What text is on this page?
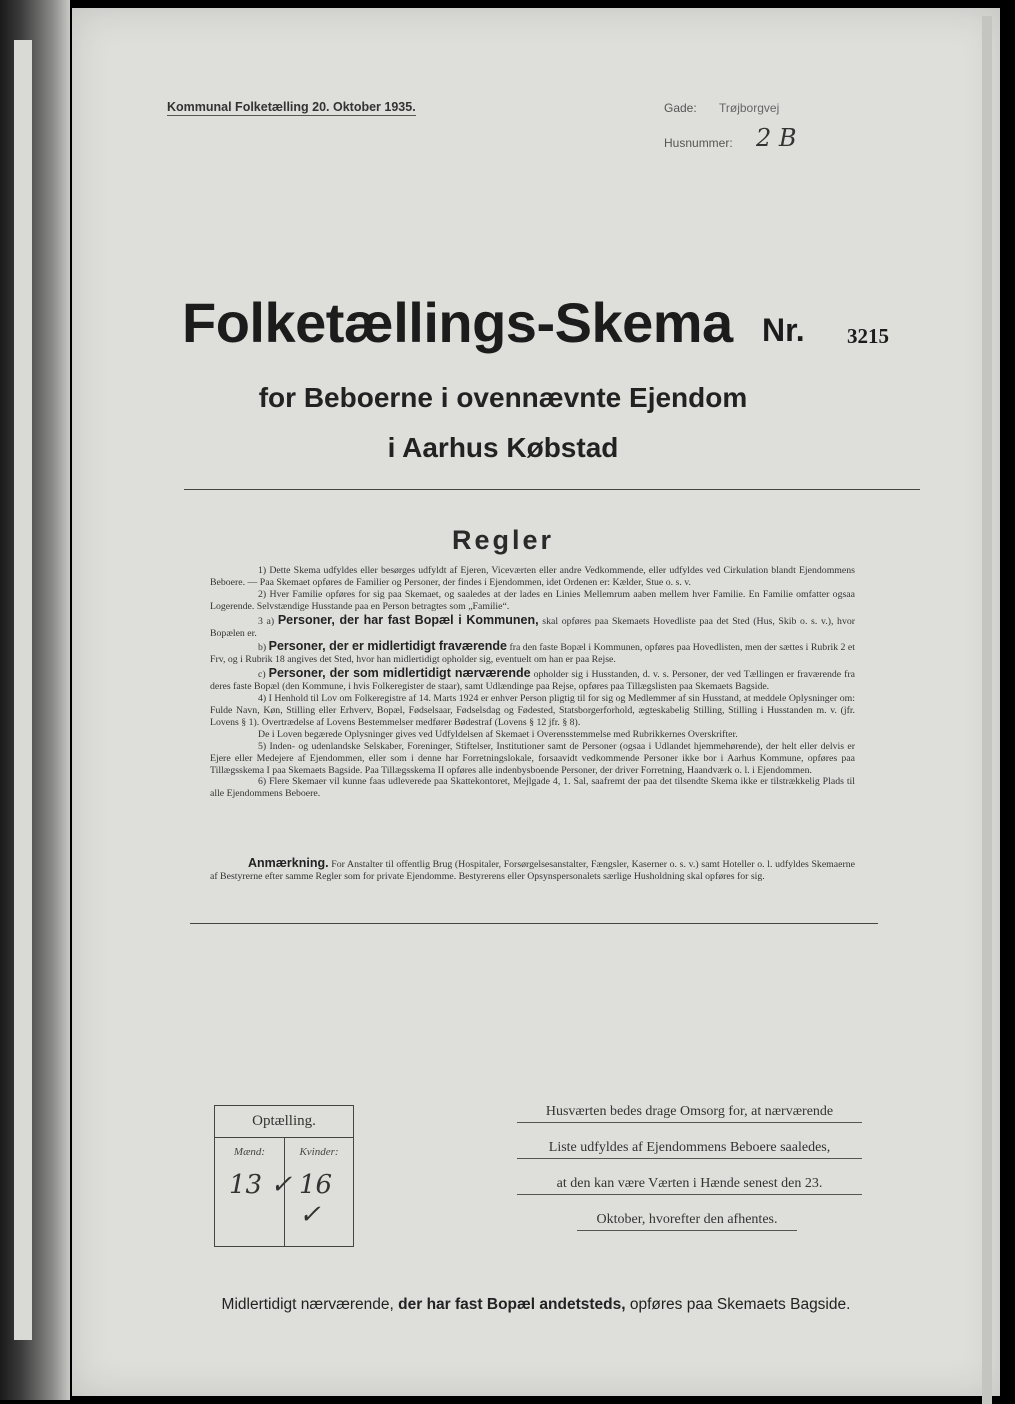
Kommunal Folketælling 20. Oktober 1935.	Gade: Trøjborgvej
Husnummer: 2 B
Folketællings-Skema Nr. 3215
for Beboerne i ovennævnte Ejendom
i Aarhus Købstad
Regler

1) Dette Skema udfyldes eller besørges udfyldt af Ejeren, Viceværten eller andre Vedkommende, eller udfyldes ved Cirkulation blandt Ejendommens Beboere. — Paa Skemaet opføres de Familier og Personer, der findes i Ejendommen, idet Ordenen er: Kælder, Stue o. s. v.

2) Hver Familie opføres for sig paa Skemaet, og saaledes at der lades en Linies Mellemrum aaben mellem hver Familie. En Familie omfatter ogsaa Logerende. Selvstændige Husstande paa en Person betragtes som „Familie“.

3 a) Personer, der har fast Bopæl i Kommunen, skal opføres paa Skemaets Hovedliste paa det Sted (Hus, Skib o. s. v.), hvor Bopælen er.

b) Personer, der er midlertidigt fraværende fra den faste Bopæl i Kommunen, opføres paa Hovedlisten, men der sættes i Rubrik 2 et Frv, og i Rubrik 18 angives det Sted, hvor han midlertidigt opholder sig, eventuelt om han er paa Rejse.

c) Personer, der som midlertidigt nærværende opholder sig i Husstanden, d. v. s. Personer, der ved Tællingen er fraværende fra deres faste Bopæl (den Kommune, i hvis Folkeregister de staar), samt Udlændinge paa Rejse, opføres paa Tillægslisten paa Skemaets Bagside.

4) I Henhold til Lov om Folkeregistre af 14. Marts 1924 er enhver Person pligtig til for sig og Medlemmer af sin Husstand, at meddele Oplysninger om: Fulde Navn, Køn, Stilling eller Erhverv, Bopæl, Fødselsaar, Fødselsdag og Fødested, Statsborgerforhold, ægteskabelig Stilling, Stilling i Husstanden m. v. (jfr. Lovens § 1). Overtrædelse af Lovens Bestemmelser medfører Bødestraf (Lovens § 12 jfr. § 8).

De i Loven begærede Oplysninger gives ved Udfyldelsen af Skemaet i Overensstemmelse med Rubrikkernes Overskrifter.

5) Inden- og udenlandske Selskaber, Foreninger, Stiftelser, Institutioner samt de Personer (ogsaa i Udlandet hjemmehørende), der helt eller delvis er Ejere eller Medejere af Ejendommen, eller som i denne har Forretningslokale, forsaavidt vedkommende Personer ikke bor i Aarhus Kommune, opføres paa Tillægsskema I paa Skemaets Bagside. Paa Tillægsskema II opføres alle indenbysboende Personer, der driver Forretning, Haandværk o. l. i Ejendommen.

6) Flere Skemaer vil kunne faas udleverede paa Skattekontoret, Mejlgade 4, 1. Sal, saafremt der paa det tilsendte Skema ikke er tilstrækkelig Plads til alle Ejendommens Beboere.

Anmærkning. For Anstalter til offentlig Brug (Hospitaler, Forsørgelsesanstalter, Fængsler, Kaserner o. s. v.) samt Hoteller o. l. udfyldes Skemaerne af Bestyrerne efter samme Regler som for private Ejendomme. Bestyrerens eller Opsynspersonalets særlige Husholdning skal opføres for sig.
Optælling.
Mænd:	Kvinder:
13 ✓ 16 ✓
Husværten bedes drage Omsorg for, at nærværende
Liste udfyldes af Ejendommens Beboere saaledes,
at den kan være Værten i Hænde senest den 23.
Oktober, hvorefter den afhentes.
Midlertidigt nærværende, der har fast Bopæl andetsteds, opføres paa Skemaets Bagside.
